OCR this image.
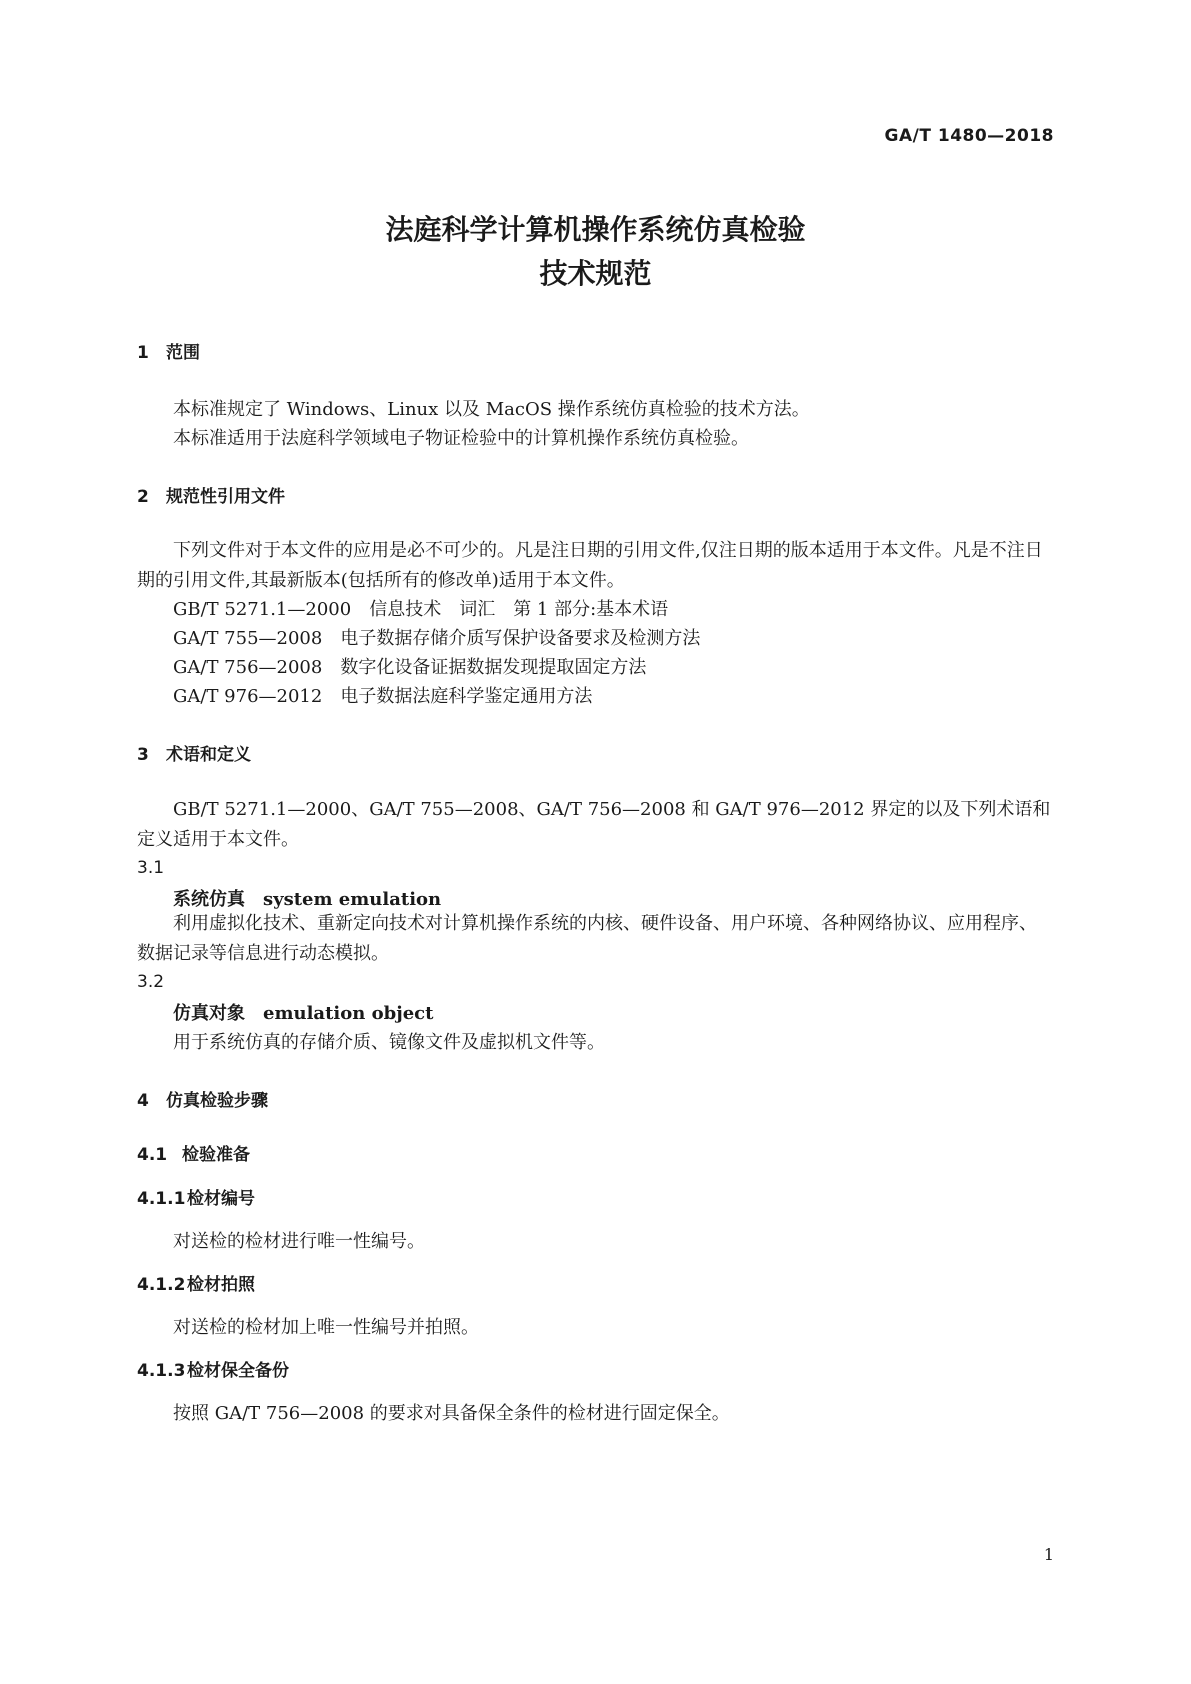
GA/T 1480—2018
法庭科学计算机操作系统仿真检验
技术规范
1 范围
本标准规定了 Windows、Linux 以及 MacOS 操作系统仿真检验的技术方法。
本标准适用于法庭科学领域电子物证检验中的计算机操作系统仿真检验。
2 规范性引用文件
下列文件对于本文件的应用是必不可少的。凡是注日期的引用文件,仅注日期的版本适用于本文件。凡是不注日期的引用文件,其最新版本(包括所有的修改单)适用于本文件。
GB/T 5271.1—2000　信息技术　词汇　第 1 部分:基本术语
GA/T 755—2008　电子数据存储介质写保护设备要求及检测方法
GA/T 756—2008　数字化设备证据数据发现提取固定方法
GA/T 976—2012　电子数据法庭科学鉴定通用方法
3 术语和定义
GB/T 5271.1—2000、GA/T 755—2008、GA/T 756—2008 和 GA/T 976—2012 界定的以及下列术语和定义适用于本文件。
3.1
系统仿真　system emulation
利用虚拟化技术、重新定向技术对计算机操作系统的内核、硬件设备、用户环境、各种网络协议、应用程序、数据记录等信息进行动态模拟。
3.2
仿真对象　emulation object
用于系统仿真的存储介质、镜像文件及虚拟机文件等。
4 仿真检验步骤
4.1 检验准备
4.1.1检材编号
对送检的检材进行唯一性编号。
4.1.2检材拍照
对送检的检材加上唯一性编号并拍照。
4.1.3检材保全备份
按照 GA/T 756—2008 的要求对具备保全条件的检材进行固定保全。
1
